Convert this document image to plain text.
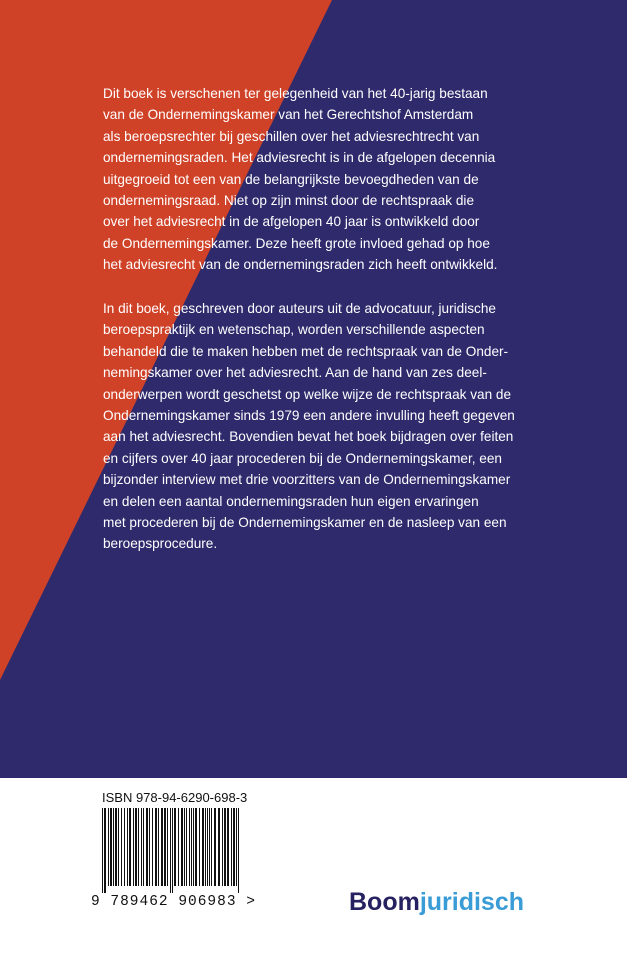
Dit boek is verschenen ter gelegenheid van het 40-jarig bestaan
van de Ondernemingskamer van het Gerechtshof Amsterdam
als beroepsrechter bij geschillen over het adviesrechtrecht van
ondernemingsraden. Het adviesrecht is in de afgelopen decennia
uitgegroeid tot een van de belangrijkste bevoegdheden van de
ondernemingsraad. Niet op zijn minst door de rechtspraak die
over het adviesrecht in de afgelopen 40 jaar is ontwikkeld door
de Ondernemingskamer. Deze heeft grote invloed gehad op hoe
het adviesrecht van de ondernemingsraden zich heeft ontwikkeld.
In dit boek, geschreven door auteurs uit de advocatuur, juridische
beroepspraktijk en wetenschap, worden verschillende aspecten
behandeld die te maken hebben met de rechtspraak van de Onder-
nemingskamer over het adviesrecht. Aan de hand van zes deel-
onderwerpen wordt geschetst op welke wijze de rechtspraak van de
Ondernemingskamer sinds 1979 een andere invulling heeft gegeven
aan het adviesrecht. Bovendien bevat het boek bijdragen over feiten
en cijfers over 40 jaar procederen bij de Ondernemingskamer, een
bijzonder interview met drie voorzitters van de Ondernemingskamer
en delen een aantal ondernemingsraden hun eigen ervaringen
met procederen bij de Ondernemingskamer en de nasleep van een
beroepsprocedure.
ISBN 978-94-6290-698-3
9 789462 906983 >	Boomjuridisch
